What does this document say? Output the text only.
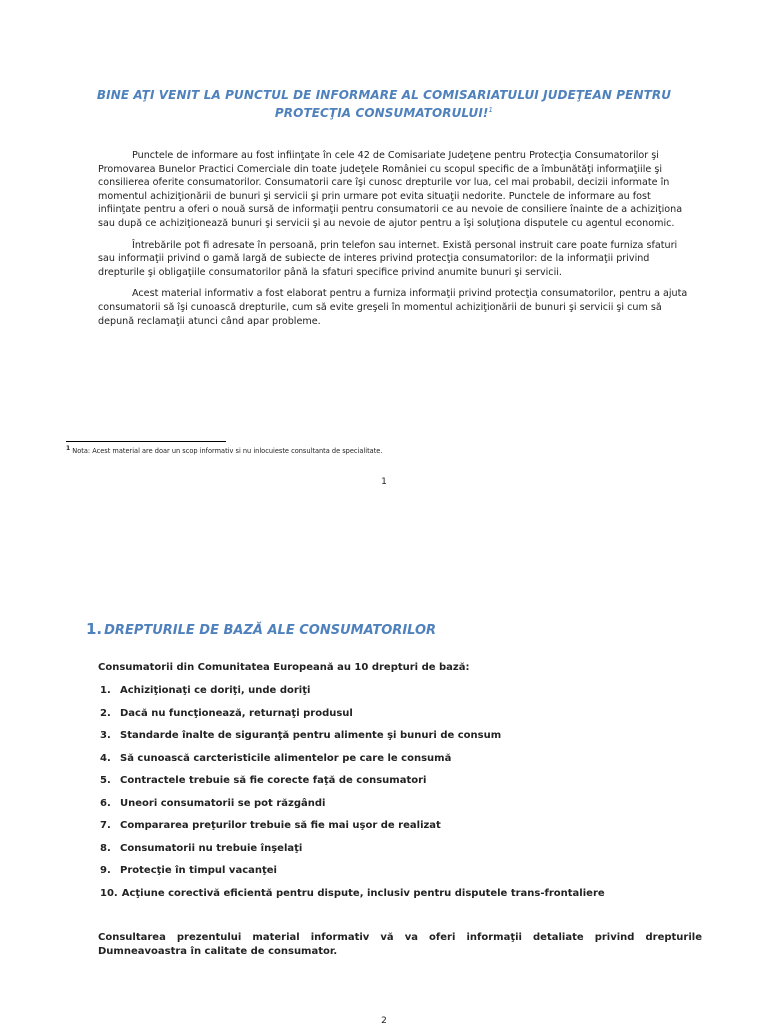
BINE AŢI VENIT LA PUNCTUL DE INFORMARE AL COMISARIATULUI JUDEŢEAN PENTRU PROTECŢIA CONSUMATORULUI!$^1$

Punctele de informare au fost infiinţate în cele 42 de Comisariate Judeţene pentru Protecţia Consumatorilor şi Promovarea Bunelor Practici Comerciale din toate judeţele României cu scopul specific de a îmbunătăţi informaţiile şi consilierea oferite consumatorilor. Consumatorii care îşi cunosc drepturile vor lua, cel mai probabil, decizii informate în momentul achiziţionării de bunuri şi servicii şi prin urmare pot evita situaţii nedorite. Punctele de informare au fost infiinţate pentru a oferi o nouă sursă de informaţii pentru consumatorii ce au nevoie de consiliere înainte de a achiziţiona sau după ce achiziţionează bunuri şi servicii şi au nevoie de ajutor pentru a îşi soluţiona disputele cu agentul economic.

Întrebările pot fi adresate în persoană, prin telefon sau internet. Există personal instruit care poate furniza sfaturi sau informaţii privind o gamă largă de subiecte de interes privind protecţia consumatorilor: de la informaţii privind drepturile şi obligaţiile consumatorilor până la sfaturi specifice privind anumite bunuri şi servicii.

Acest material informativ a fost elaborat pentru a furniza informaţii privind protecţia consumatorilor, pentru a ajuta consumatorii să îşi cunoască drepturile, cum să evite greşeli în momentul achiziţionării de bunuri şi servicii şi cum să depună reclamaţii atunci când apar probleme.

$^1$ Nota: Acest material are doar un scop informativ si nu inlocuieste consultanta de specialitate.
1
1. DREPTURILE DE BAZĂ ALE CONSUMATORILOR
Consumatorii din Comunitatea Europeană au 10 drepturi de bază:
1. Achiziţionaţi ce doriţi, unde doriţi
2. Dacă nu funcţionează, returnaţi produsul
3. Standarde înalte de siguranţă pentru alimente şi bunuri de consum
4. Să cunoască carcteristicile alimentelor pe care le consumă
5. Contractele trebuie să fie corecte faţă de consumatori
6. Uneori consumatorii se pot răzgândi
7. Compararea preţurilor trebuie să fie mai uşor de realizat
8. Consumatorii nu trebuie înşelaţi
9. Protecţie în timpul vacanţei
10. Acţiune corectivă eficientă pentru dispute, inclusiv pentru disputele trans-frontaliere
Consultarea prezentului material informativ vă va oferi informaţii detaliate privind drepturile Dumneavoastra în calitate de consumator.
2
